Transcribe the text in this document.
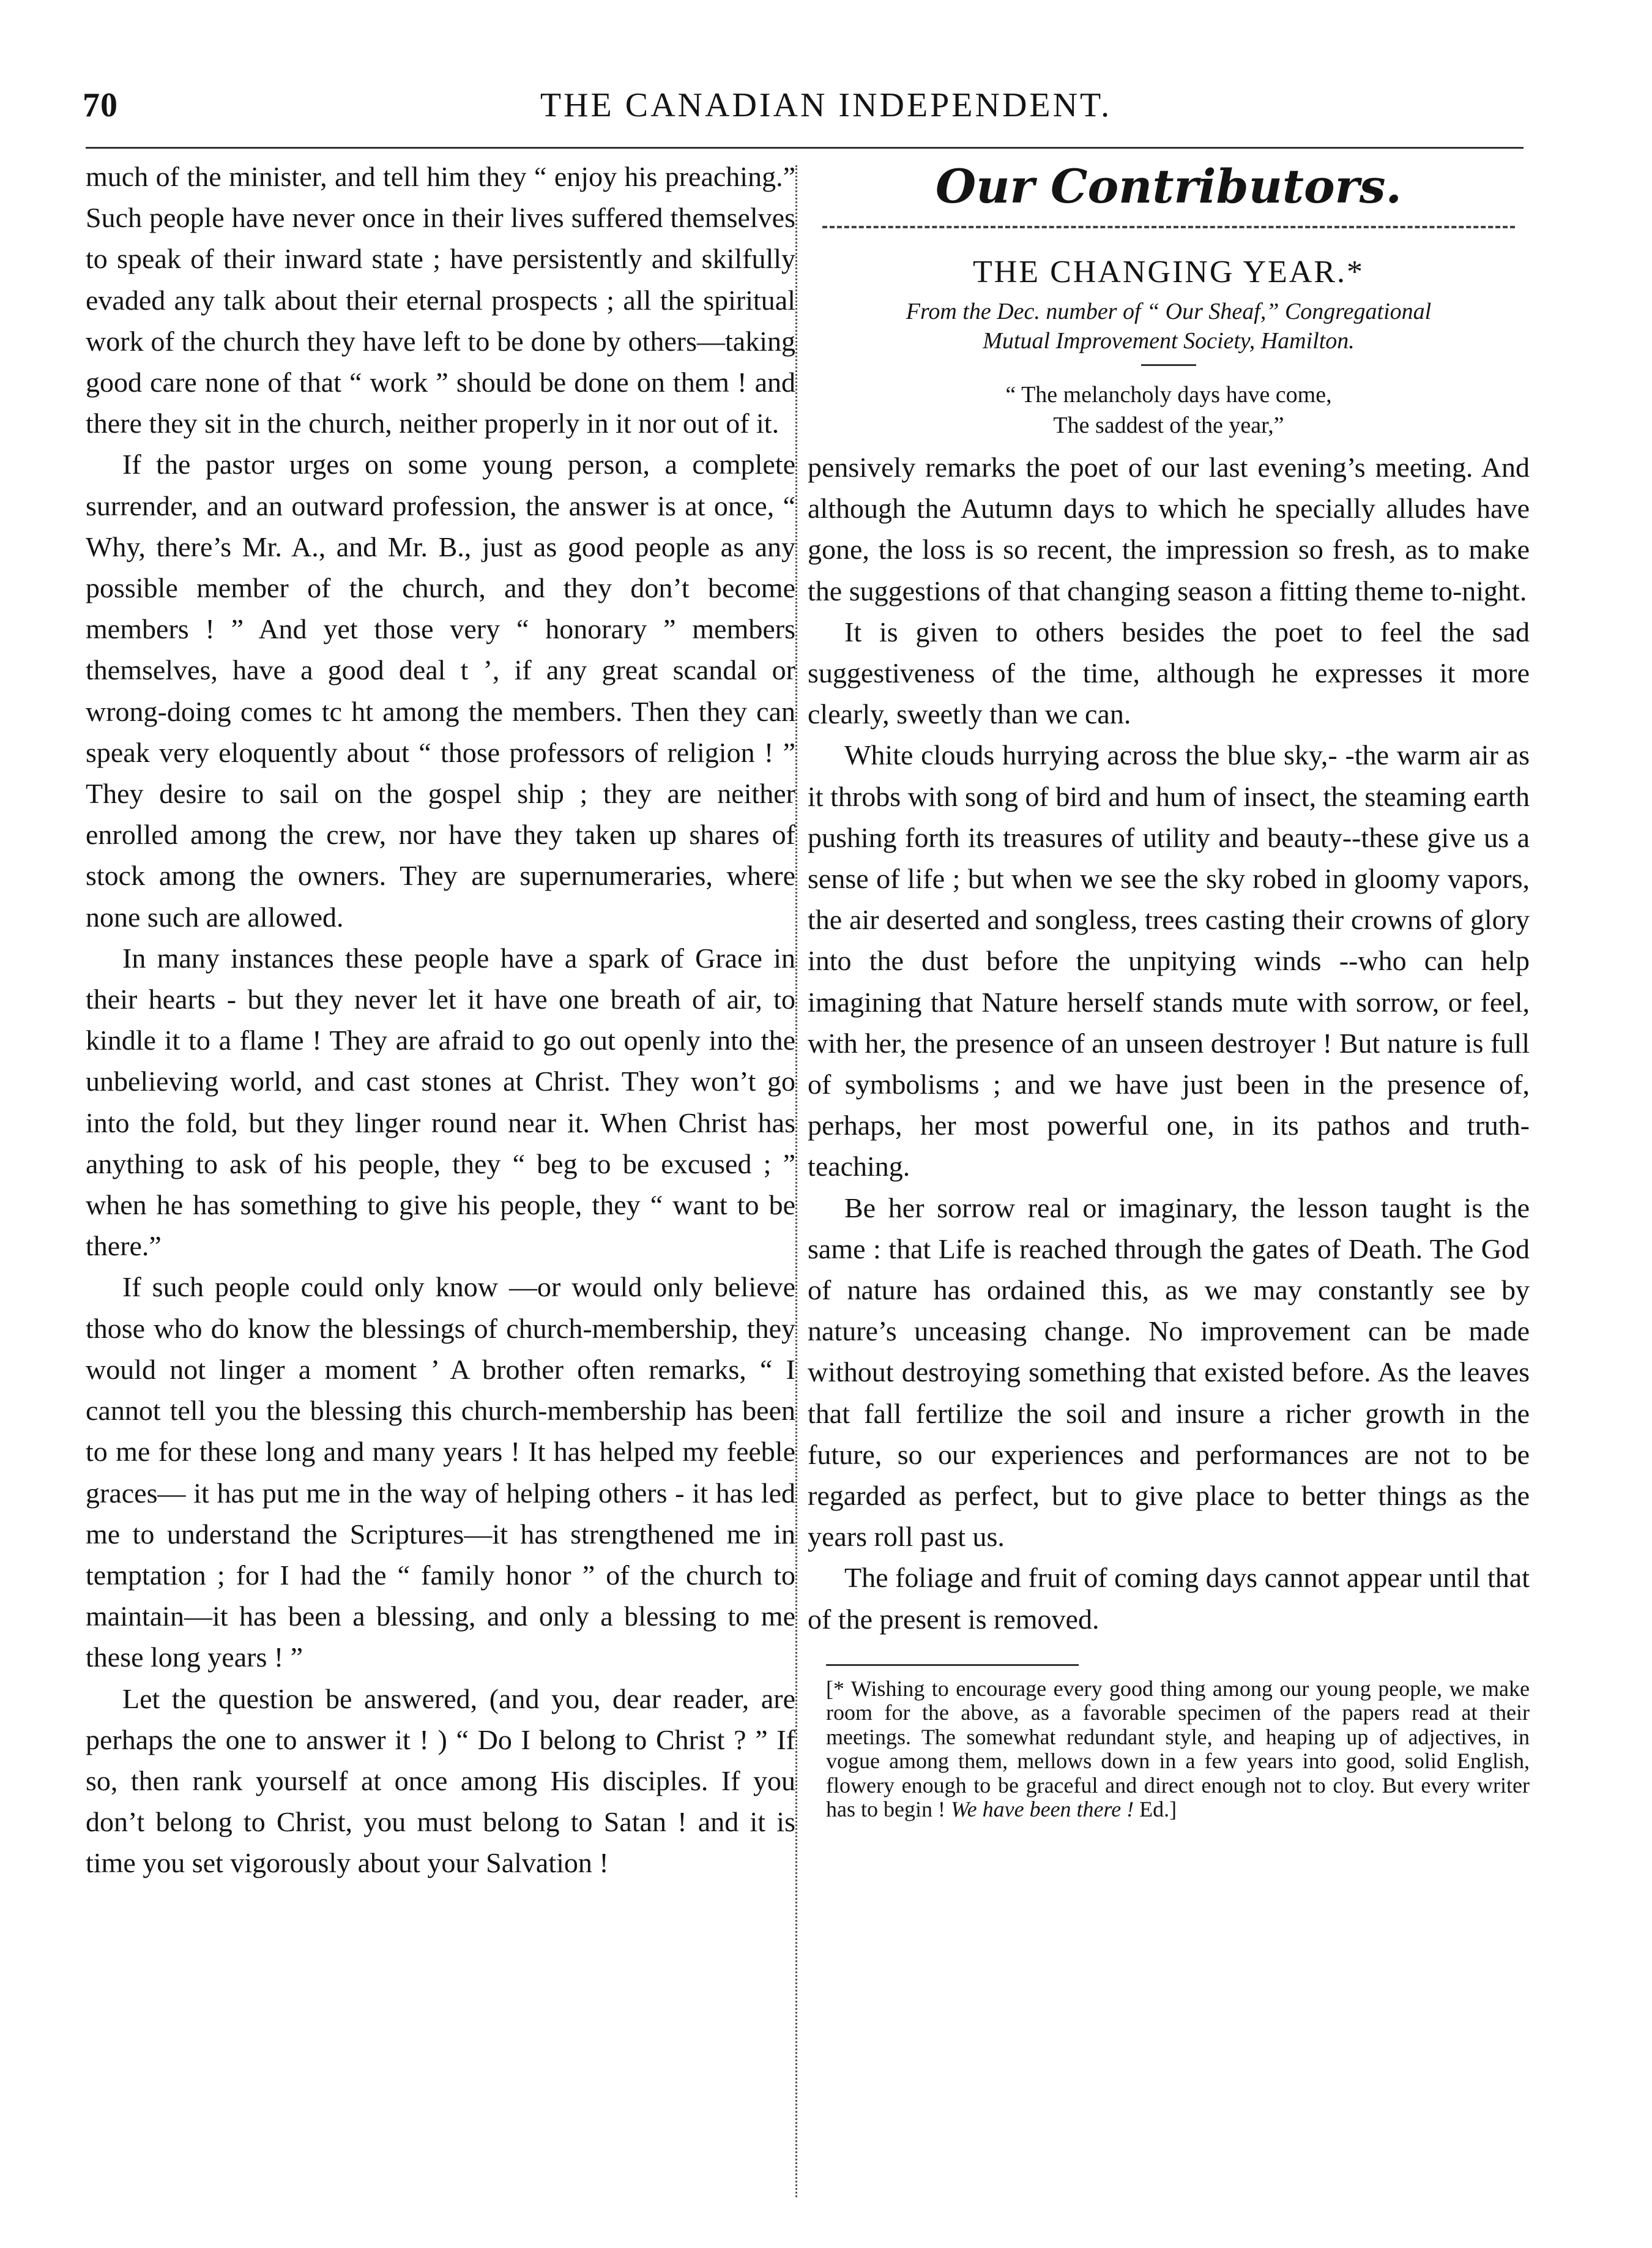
70	THE CANADIAN INDEPENDENT.

much of the minister, and tell him they “ enjoy his preaching.” Such people have never once in their lives suffered themselves to speak of their inward state ; have persistently and skilfully evaded any talk about their eternal prospects ; all the spiritual work of the church they have left to be done by others—taking good care none of that “ work ” should be done on them ! and there they sit in the church, neither properly in it nor out of it.

If the pastor urges on some young person, a complete surrender, and an outward profession, the answer is at once, “ Why, there’s Mr. A., and Mr. B., just as good people as any possible member of the church, and they don’t become members ! ” And yet those very “ honorary ” members themselves, have a good deal t ’, if any great scandal or wrong-doing comes tc ht among the members. Then they can speak very eloquently about “ those professors of religion ! ” They desire to sail on the gospel ship ; they are neither enrolled among the crew, nor have they taken up shares of stock among the owners. They are supernumeraries, where none such are allowed.

In many instances these people have a spark of Grace in their hearts - but they never let it have one breath of air, to kindle it to a flame ! They are afraid to go out openly into the unbelieving world, and cast stones at Christ. They won’t go into the fold, but they linger round near it. When Christ has anything to ask of his people, they “ beg to be excused ; ” when he has something to give his people, they “ want to be there.”

If such people could only know —or would only believe those who do know the blessings of church-membership, they would not linger a moment ’ A brother often remarks, “ I cannot tell you the blessing this church-membership has been to me for these long and many years ! It has helped my feeble graces— it has put me in the way of helping others - it has led me to understand the Scriptures—it has strengthened me in temptation ; for I had the “ family honor ” of the church to maintain—it has been a blessing, and only a blessing to me these long years ! ”

Let the question be answered, (and you, dear reader, are perhaps the one to answer it ! ) “ Do I belong to Christ ? ” If so, then rank yourself at once among His disciples. If you don’t belong to Christ, you must belong to Satan ! and it is time you set vigorously about your Salvation !

Our Contributors.
THE CHANGING YEAR.*
From the Dec. number of “ Our Sheaf,” Congregational
Mutual Improvement Society, Hamilton.
“ The melancholy days have come,
The saddest of the year,”

pensively remarks the poet of our last evening’s meeting. And although the Autumn days to which he specially alludes have gone, the loss is so recent, the impression so fresh, as to make the suggestions of that changing season a fitting theme to-night.

It is given to others besides the poet to feel the sad suggestiveness of the time, although he expresses it more clearly, sweetly than we can.

White clouds hurrying across the blue sky,- -the warm air as it throbs with song of bird and hum of insect, the steaming earth pushing forth its treasures of utility and beauty--these give us a sense of life ; but when we see the sky robed in gloomy vapors, the air deserted and songless, trees casting their crowns of glory into the dust before the unpitying winds --who can help imagining that Nature herself stands mute with sorrow, or feel, with her, the presence of an unseen destroyer ! But nature is full of symbolisms ; and we have just been in the presence of, perhaps, her most powerful one, in its pathos and truth-teaching.

Be her sorrow real or imaginary, the lesson taught is the same : that Life is reached through the gates of Death. The God of nature has ordained this, as we may constantly see by nature’s unceasing change. No improvement can be made without destroying something that existed before. As the leaves that fall fertilize the soil and insure a richer growth in the future, so our experiences and performances are not to be regarded as perfect, but to give place to better things as the years roll past us.

The foliage and fruit of coming days cannot appear until that of the present is removed.

[* Wishing to encourage every good thing among our young people, we make room for the above, as a favorable specimen of the papers read at their meetings. The somewhat redundant style, and heaping up of adjectives, in vogue among them, mellows down in a few years into good, solid English, flowery enough to be graceful and direct enough not to cloy. But every writer has to begin ! We have been there ! Ed.]
